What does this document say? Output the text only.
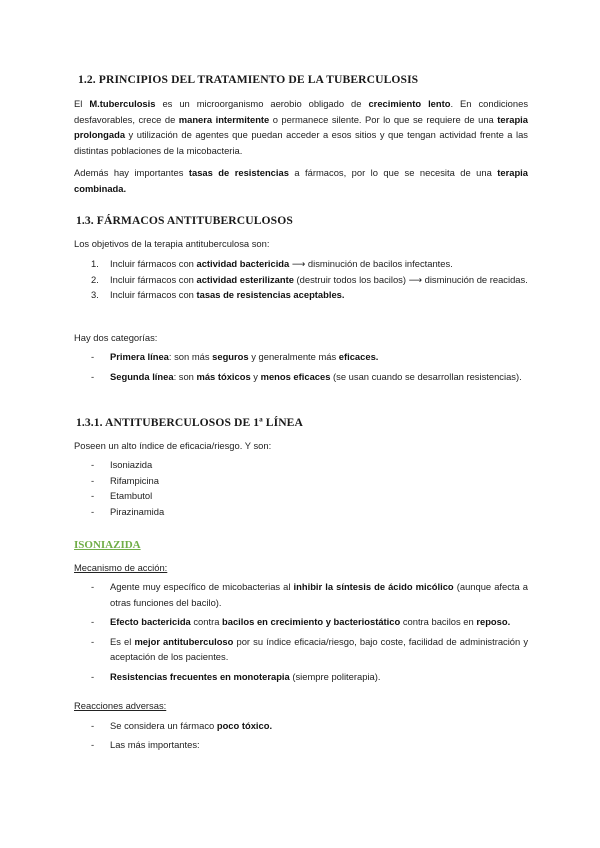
1.2. PRINCIPIOS DEL TRATAMIENTO DE LA TUBERCULOSIS

El M.tuberculosis es un microorganismo aerobio obligado de crecimiento lento. En condiciones desfavorables, crece de manera intermitente o permanece silente. Por lo que se requiere de una terapia prolongada y utilización de agentes que puedan acceder a esos sitios y que tengan actividad frente a las distintas poblaciones de la micobacteria.

Además hay importantes tasas de resistencias a fármacos, por lo que se necesita de una terapia combinada.

1.3. FÁRMACOS ANTITUBERCULOSOS
Los objetivos de la terapia antituberculosa son:
1. Incluir fármacos con actividad bactericida ⟶ disminución de bacilos infectantes.
2. Incluir fármacos con actividad esterilizante (destruir todos los bacilos) ⟶ disminución de reacidas.
3. Incluir fármacos con tasas de resistencias aceptables.
Hay dos categorías:
- Primera línea: son más seguros y generalmente más eficaces.
- Segunda línea: son más tóxicos y menos eficaces (se usan cuando se desarrollan resistencias).
1.3.1. ANTITUBERCULOSOS DE 1ª LÍNEA
Poseen un alto índice de eficacia/riesgo. Y son:
- Isoniazida
- Rifampicina
- Etambutol
- Pirazinamida
ISONIAZIDA
Mecanismo de acción:
- Agente muy específico de micobacterias al inhibir la síntesis de ácido micólico (aunque afecta a otras funciones del bacilo).
- Efecto bactericida contra bacilos en crecimiento y bacteriostático contra bacilos en reposo.
- Es el mejor antituberculoso por su índice eficacia/riesgo, bajo coste, facilidad de administración y aceptación de los pacientes.
- Resistencias frecuentes en monoterapia (siempre politerapia).
Reacciones adversas:
- Se considera un fármaco poco tóxico.
- Las más importantes:
